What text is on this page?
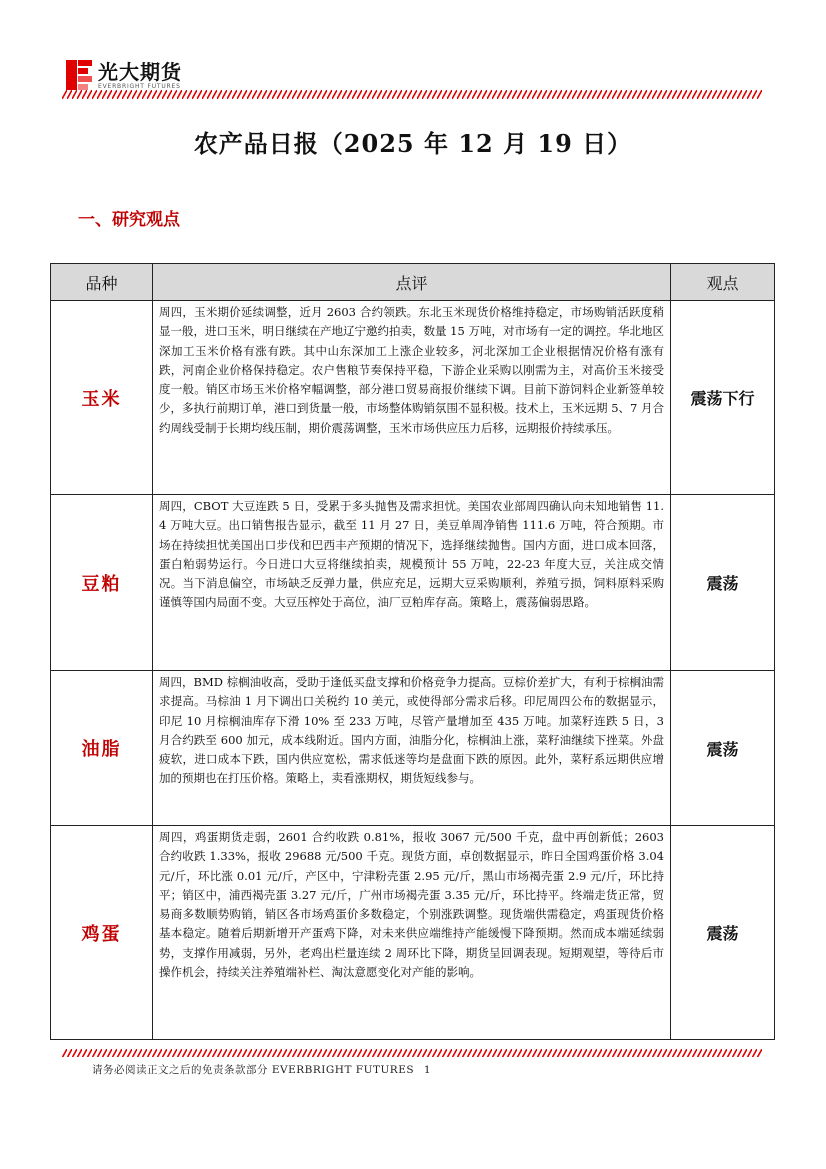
光大期货
EVERBRIGHT FUTURES
农产品日报（2025 年 12 月 19 日）
一、研究观点
品种	点评	观点
玉米	周四，玉米期价延续调整，近月 2603 合约领跌。东北玉米现货价格维持稳定，市场购销活跃度稍显一般，进口玉米，明日继续在产地辽宁邀约拍卖，数量 15 万吨，对市场有一定的调控。华北地区深加工玉米价格有涨有跌。其中山东深加工上涨企业较多，河北深加工企业根据情况价格有涨有跌，河南企业价格保持稳定。农户售粮节奏保持平稳，下游企业采购以刚需为主，对高价玉米接受度一般。销区市场玉米价格窄幅调整，部分港口贸易商报价继续下调。目前下游饲料企业新签单较少，多执行前期订单，港口到货量一般，市场整体购销氛围不显积极。技术上，玉米远期 5、7 月合约周线受制于长期均线压制，期价震荡调整，玉米市场供应压力后移，远期报价持续承压。	震荡下行
豆粕	周四，CBOT 大豆连跌 5 日，受累于多头抛售及需求担忧。美国农业部周四确认向未知地销售 11.4 万吨大豆。出口销售报告显示，截至 11 月 27 日，美豆单周净销售 111.6 万吨，符合预期。市场在持续担忧美国出口步伐和巴西丰产预期的情况下，选择继续抛售。国内方面，进口成本回落，蛋白粕弱势运行。今日进口大豆将继续拍卖，规模预计 55 万吨，22-23 年度大豆，关注成交情况。当下消息偏空，市场缺乏反弹力量，供应充足，远期大豆采购顺利，养殖亏损，饲料原料采购谨慎等国内局面不变。大豆压榨处于高位，油厂豆粕库存高。策略上，震荡偏弱思路。	震荡
油脂	周四，BMD 棕榈油收高，受助于逢低买盘支撑和价格竞争力提高。豆棕价差扩大，有利于棕榈油需求提高。马棕油 1 月下调出口关税约 10 美元，或使得部分需求后移。印尼周四公布的数据显示，印尼 10 月棕榈油库存下滑 10% 至 233 万吨，尽管产量增加至 435 万吨。加菜籽连跌 5 日，3 月合约跌至 600 加元，成本线附近。国内方面，油脂分化，棕榈油上涨，菜籽油继续下挫菜。外盘疲软，进口成本下跌，国内供应宽松，需求低迷等均是盘面下跌的原因。此外，菜籽系远期供应增加的预期也在打压价格。策略上，卖看涨期权，期货短线参与。	震荡
鸡蛋	周四，鸡蛋期货走弱，2601 合约收跌 0.81%，报收 3067 元/500 千克，盘中再创新低；2603 合约收跌 1.33%，报收 29688 元/500 千克。现货方面，卓创数据显示，昨日全国鸡蛋价格 3.04 元/斤，环比涨 0.01 元/斤，产区中，宁津粉壳蛋 2.95 元/斤，黑山市场褐壳蛋 2.9 元/斤，环比持平；销区中，浦西褐壳蛋 3.27 元/斤，广州市场褐壳蛋 3.35 元/斤，环比持平。终端走货正常，贸易商多数顺势购销，销区各市场鸡蛋价多数稳定，个别涨跌调整。现货端供需稳定，鸡蛋现货价格基本稳定。随着后期新增开产蛋鸡下降，对未来供应端维持产能缓慢下降预期。然而成本端延续弱势，支撑作用减弱，另外，老鸡出栏量连续 2 周环比下降，期货呈回调表现。短期观望，等待后市操作机会，持续关注养殖端补栏、淘汰意愿变化对产能的影响。	震荡
请务必阅读正文之后的免责条款部分 EVERBRIGHT FUTURES 1
